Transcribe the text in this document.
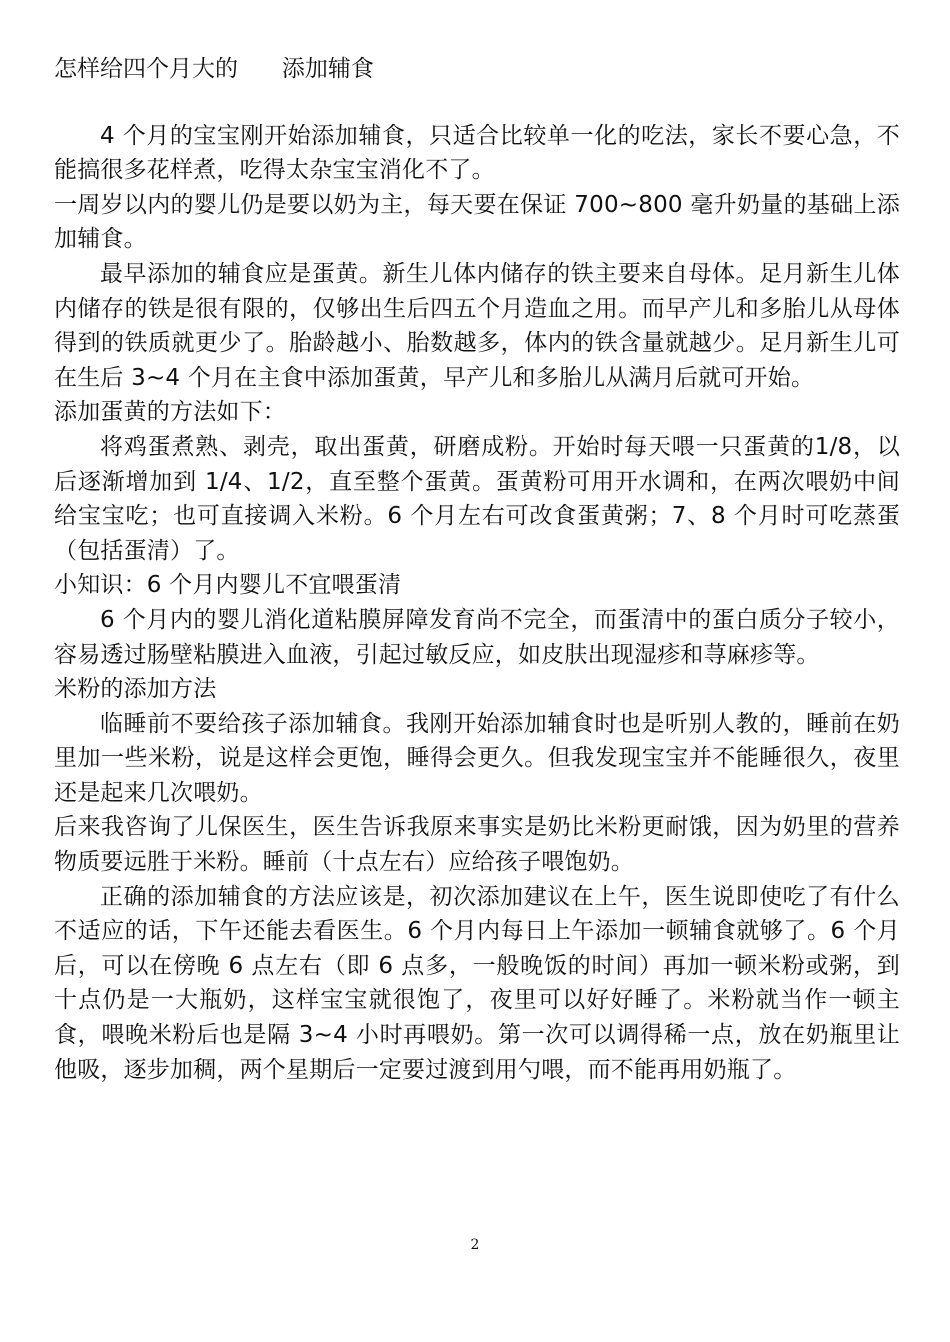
怎样给四个月大的      添加辅食

4 个月的宝宝刚开始添加辅食，只适合比较单一化的吃法，家长不要心急，不能搞很多花样煮，吃得太杂宝宝消化不了。

一周岁以内的婴儿仍是要以奶为主，每天要在保证 700~800 毫升奶量的基础上添加辅食。

最早添加的辅食应是蛋黄。新生儿体内储存的铁主要来自母体。足月新生儿体内储存的铁是很有限的，仅够出生后四五个月造血之用。而早产儿和多胎儿从母体得到的铁质就更少了。胎龄越小、胎数越多，体内的铁含量就越少。足月新生儿可在生后 3~4 个月在主食中添加蛋黄，早产儿和多胎儿从满月后就可开始。

添加蛋黄的方法如下：

将鸡蛋煮熟、剥壳，取出蛋黄，研磨成粉。开始时每天喂一只蛋黄的1/8，以后逐渐增加到 1/4、1/2，直至整个蛋黄。蛋黄粉可用开水调和，在两次喂奶中间给宝宝吃；也可直接调入米粉。6 个月左右可改食蛋黄粥；7、8 个月时可吃蒸蛋（包括蛋清）了。

小知识：6 个月内婴儿不宜喂蛋清

6 个月内的婴儿消化道粘膜屏障发育尚不完全，而蛋清中的蛋白质分子较小，容易透过肠壁粘膜进入血液，引起过敏反应，如皮肤出现湿疹和荨麻疹等。

米粉的添加方法

临睡前不要给孩子添加辅食。我刚开始添加辅食时也是听别人教的，睡前在奶里加一些米粉，说是这样会更饱，睡得会更久。但我发现宝宝并不能睡很久，夜里还是起来几次喂奶。

后来我咨询了儿保医生，医生告诉我原来事实是奶比米粉更耐饿，因为奶里的营养物质要远胜于米粉。睡前（十点左右）应给孩子喂饱奶。

正确的添加辅食的方法应该是，初次添加建议在上午，医生说即使吃了有什么不适应的话，下午还能去看医生。6 个月内每日上午添加一顿辅食就够了。6 个月后，可以在傍晚 6 点左右（即 6 点多，一般晚饭的时间）再加一顿米粉或粥，到十点仍是一大瓶奶，这样宝宝就很饱了，夜里可以好好睡了。米粉就当作一顿主食，喂晚米粉后也是隔 3~4 小时再喂奶。第一次可以调得稀一点，放在奶瓶里让他吸，逐步加稠，两个星期后一定要过渡到用勺喂，而不能再用奶瓶了。

2
